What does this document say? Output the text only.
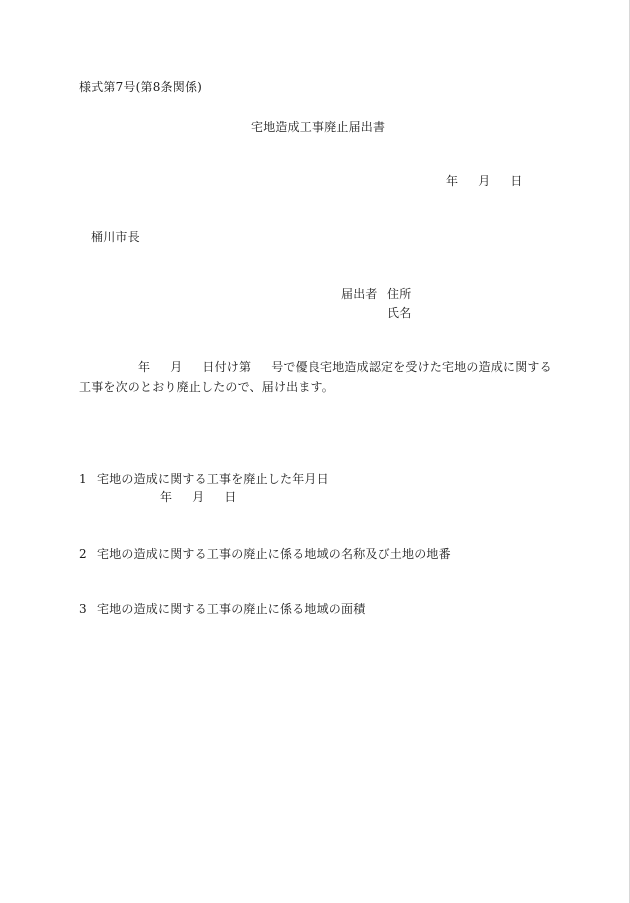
様式第7号(第8条関係)
宅地造成工事廃止届出書
年 月 日
桶川市長
届出者 住所
氏名
年 月 日付け第 号で優良宅地造成認定を受けた宅地の造成に関する
工事を次のとおり廃止したので、届け出ます。
1 宅地の造成に関する工事を廃止した年月日
年 月 日
2 宅地の造成に関する工事の廃止に係る地域の名称及び土地の地番
3 宅地の造成に関する工事の廃止に係る地域の面積
